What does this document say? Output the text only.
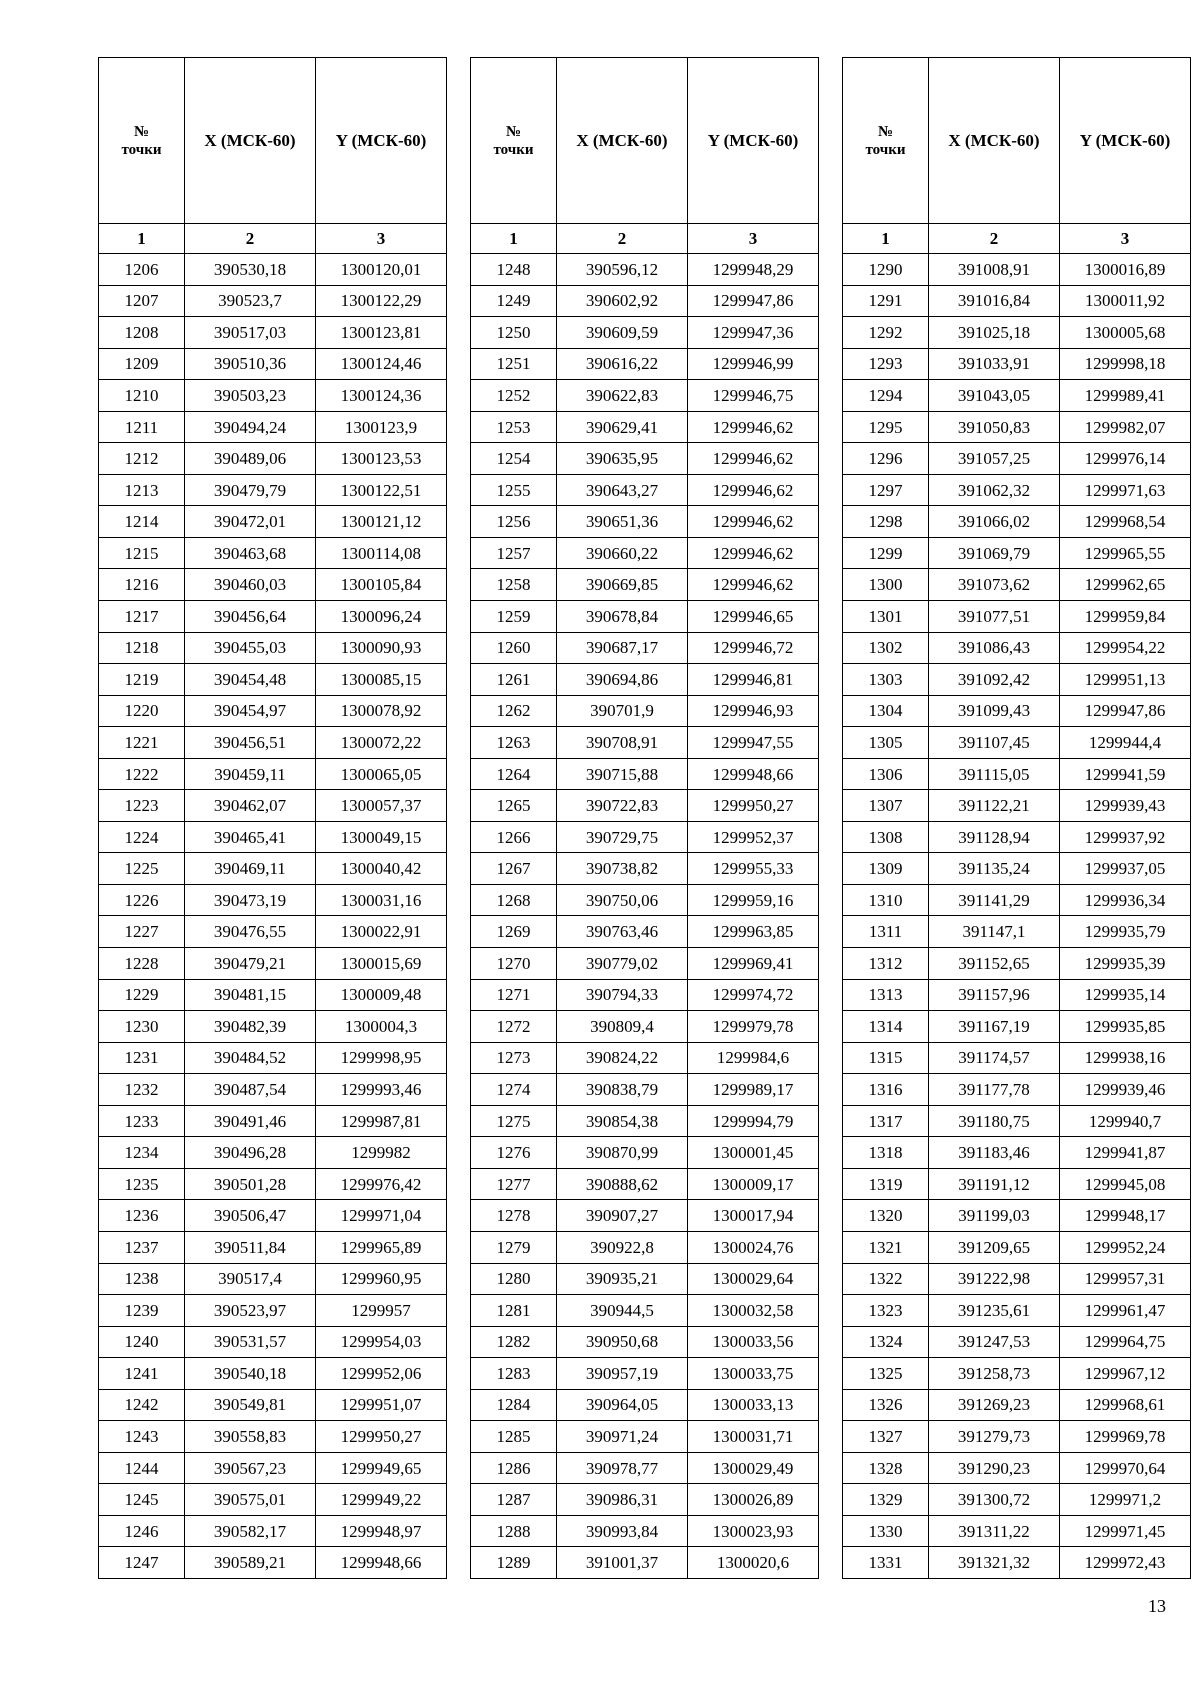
№
точки	X (МСК-60)	Y (МСК-60)
1	2	3
1206	390530,18	1300120,01
1207	390523,7	1300122,29
1208	390517,03	1300123,81
1209	390510,36	1300124,46
1210	390503,23	1300124,36
1211	390494,24	1300123,9
1212	390489,06	1300123,53
1213	390479,79	1300122,51
1214	390472,01	1300121,12
1215	390463,68	1300114,08
1216	390460,03	1300105,84
1217	390456,64	1300096,24
1218	390455,03	1300090,93
1219	390454,48	1300085,15
1220	390454,97	1300078,92
1221	390456,51	1300072,22
1222	390459,11	1300065,05
1223	390462,07	1300057,37
1224	390465,41	1300049,15
1225	390469,11	1300040,42
1226	390473,19	1300031,16
1227	390476,55	1300022,91
1228	390479,21	1300015,69
1229	390481,15	1300009,48
1230	390482,39	1300004,3
1231	390484,52	1299998,95
1232	390487,54	1299993,46
1233	390491,46	1299987,81
1234	390496,28	1299982
1235	390501,28	1299976,42
1236	390506,47	1299971,04
1237	390511,84	1299965,89
1238	390517,4	1299960,95
1239	390523,97	1299957
1240	390531,57	1299954,03
1241	390540,18	1299952,06
1242	390549,81	1299951,07
1243	390558,83	1299950,27
1244	390567,23	1299949,65
1245	390575,01	1299949,22
1246	390582,17	1299948,97
1247	390589,21	1299948,66
№
точки	X (МСК-60)	Y (МСК-60)
1	2	3
1248	390596,12	1299948,29
1249	390602,92	1299947,86
1250	390609,59	1299947,36
1251	390616,22	1299946,99
1252	390622,83	1299946,75
1253	390629,41	1299946,62
1254	390635,95	1299946,62
1255	390643,27	1299946,62
1256	390651,36	1299946,62
1257	390660,22	1299946,62
1258	390669,85	1299946,62
1259	390678,84	1299946,65
1260	390687,17	1299946,72
1261	390694,86	1299946,81
1262	390701,9	1299946,93
1263	390708,91	1299947,55
1264	390715,88	1299948,66
1265	390722,83	1299950,27
1266	390729,75	1299952,37
1267	390738,82	1299955,33
1268	390750,06	1299959,16
1269	390763,46	1299963,85
1270	390779,02	1299969,41
1271	390794,33	1299974,72
1272	390809,4	1299979,78
1273	390824,22	1299984,6
1274	390838,79	1299989,17
1275	390854,38	1299994,79
1276	390870,99	1300001,45
1277	390888,62	1300009,17
1278	390907,27	1300017,94
1279	390922,8	1300024,76
1280	390935,21	1300029,64
1281	390944,5	1300032,58
1282	390950,68	1300033,56
1283	390957,19	1300033,75
1284	390964,05	1300033,13
1285	390971,24	1300031,71
1286	390978,77	1300029,49
1287	390986,31	1300026,89
1288	390993,84	1300023,93
1289	391001,37	1300020,6
№
точки	X (МСК-60)	Y (МСК-60)
1	2	3
1290	391008,91	1300016,89
1291	391016,84	1300011,92
1292	391025,18	1300005,68
1293	391033,91	1299998,18
1294	391043,05	1299989,41
1295	391050,83	1299982,07
1296	391057,25	1299976,14
1297	391062,32	1299971,63
1298	391066,02	1299968,54
1299	391069,79	1299965,55
1300	391073,62	1299962,65
1301	391077,51	1299959,84
1302	391086,43	1299954,22
1303	391092,42	1299951,13
1304	391099,43	1299947,86
1305	391107,45	1299944,4
1306	391115,05	1299941,59
1307	391122,21	1299939,43
1308	391128,94	1299937,92
1309	391135,24	1299937,05
1310	391141,29	1299936,34
1311	391147,1	1299935,79
1312	391152,65	1299935,39
1313	391157,96	1299935,14
1314	391167,19	1299935,85
1315	391174,57	1299938,16
1316	391177,78	1299939,46
1317	391180,75	1299940,7
1318	391183,46	1299941,87
1319	391191,12	1299945,08
1320	391199,03	1299948,17
1321	391209,65	1299952,24
1322	391222,98	1299957,31
1323	391235,61	1299961,47
1324	391247,53	1299964,75
1325	391258,73	1299967,12
1326	391269,23	1299968,61
1327	391279,73	1299969,78
1328	391290,23	1299970,64
1329	391300,72	1299971,2
1330	391311,22	1299971,45
1331	391321,32	1299972,43
13
